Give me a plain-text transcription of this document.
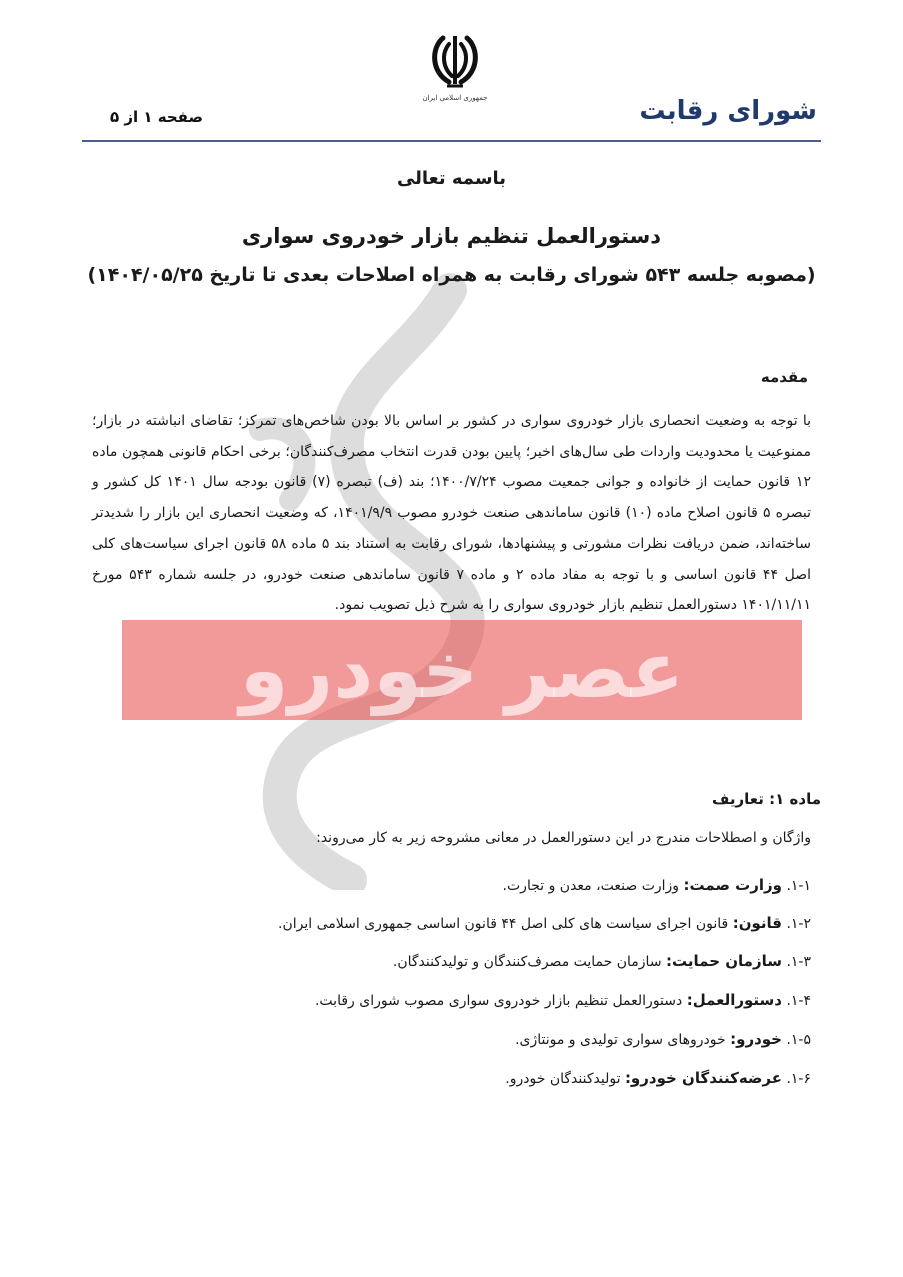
جمهوری اسلامی ایران	شورای رقابت
صفحه ۱ از ۵
باسمه تعالی
دستورالعمل تنظیم بازار خودروی سواری
(مصوبه جلسه ۵۴۳ شورای رقابت به همراه اصلاحات بعدی تا تاریخ ۱۴۰۴/۰۵/۲۵)
مقدمه
با توجه به وضعیت انحصاری بازار خودروی سواری در کشور بر اساس بالا بودن شاخص‌های تمرکز؛ تقاضای انباشته در بازار؛ ممنوعیت یا محدودیت واردات طی سال‌های اخیر؛ پایین بودن قدرت انتخاب مصرف‌کنندگان؛ برخی احکام قانونی همچون ماده ۱۲ قانون حمایت از خانواده و جوانی جمعیت مصوب ۱۴۰۰/۷/۲۴؛ بند (ف) تبصره (۷) قانون بودجه سال ۱۴۰۱ کل کشور و تبصره ۵ قانون اصلاح ماده (۱۰) قانون ساماندهی صنعت خودرو مصوب ۱۴۰۱/۹/۹، که وضعیت انحصاری این بازار را شدیدتر ساخته‌اند، ضمن دریافت نظرات مشورتی و پیشنهادها، شورای رقابت به استناد بند ۵ ماده ۵۸ قانون اجرای سیاست‌های کلی اصل ۴۴ قانون اساسی و با توجه به مفاد ماده ۲ و ماده ۷ قانون ساماندهی صنعت خودرو، در جلسه شماره ۵۴۳ مورخ ۱۴۰۱/۱۱/۱۱ دستورالعمل تنظیم بازار خودروی سواری را به شرح ذیل تصویب نمود.
ماده ۱: تعاریف
واژگان و اصطلاحات مندرج در این دستورالعمل در معانی مشروحه زیر به کار می‌روند:
۱-۱. وزارت صمت: وزارت صنعت، معدن و تجارت.
۱-۲. قانون: قانون اجرای سیاست های کلی اصل ۴۴ قانون اساسی جمهوری اسلامی ایران.
۱-۳. سازمان حمایت: سازمان حمایت مصرف‌کنندگان و تولیدکنندگان.
۱-۴. دستورالعمل: دستورالعمل تنظیم بازار خودروی سواری مصوب شورای رقابت.
۱-۵. خودرو: خودروهای سواری تولیدی و مونتاژی.
۱-۶. عرضه‌کنندگان خودرو: تولیدکنندگان خودرو.
عصر خودرو
